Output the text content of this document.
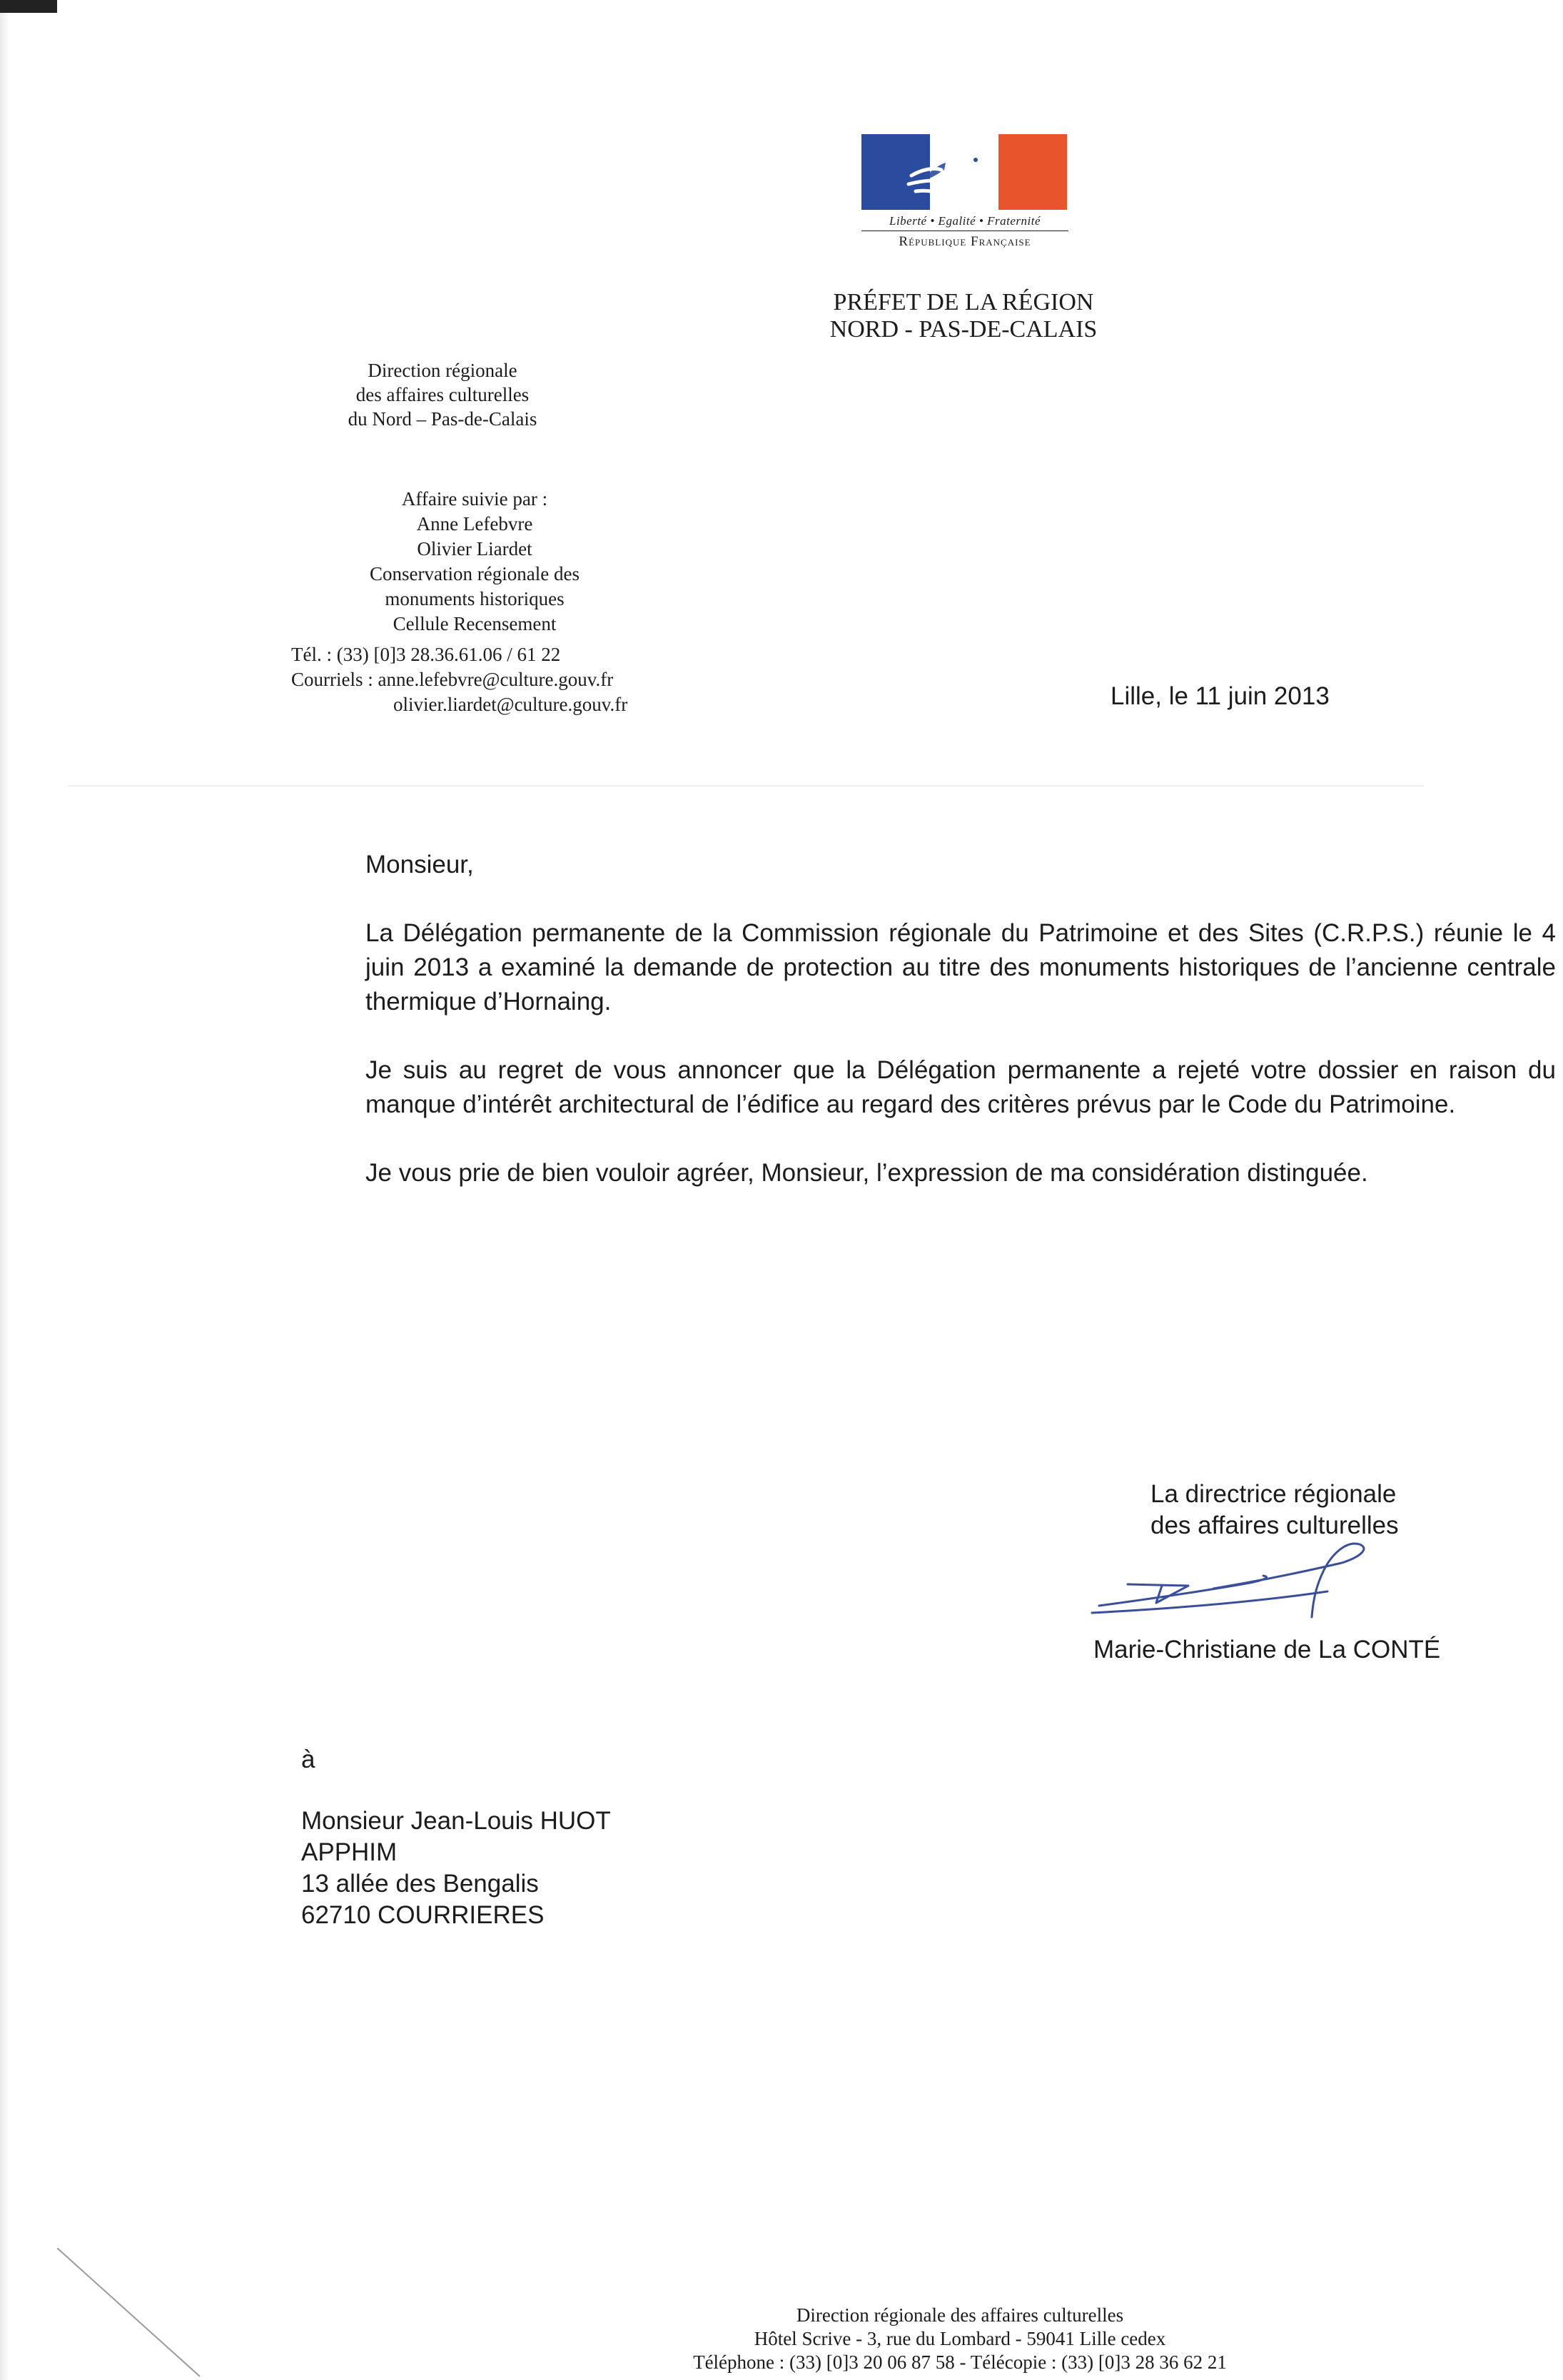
Liberté • Egalité • Fraternité
République Française
PRÉFET DE LA RÉGION
NORD - PAS-DE-CALAIS
Direction régionale
des affaires culturelles
du Nord – Pas-de-Calais
Affaire suivie par :
Anne Lefebvre
Olivier Liardet
Conservation régionale des
monuments historiques
Cellule Recensement
Tél. : (33) [0]3 28.36.61.06 / 61 22
Courriels : anne.lefebvre@culture.gouv.fr
olivier.liardet@culture.gouv.fr	Lille, le 11 juin 2013

Monsieur,

La Délégation permanente de la Commission régionale du Patrimoine et des Sites (C.R.P.S.) réunie le 4 juin 2013 a examiné la demande de protection au titre des monuments historiques de l’ancienne centrale thermique d’Hornaing.

Je suis au regret de vous annoncer que la Délégation permanente a rejeté votre dossier en raison du manque d’intérêt architectural de l’édifice au regard des critères prévus par le Code du Patrimoine.

Je vous prie de bien vouloir agréer, Monsieur, l’expression de ma considération distinguée.

La directrice régionale
des affaires culturelles
Marie-Christiane de La CONTÉ
à
Monsieur Jean-Louis HUOT
APPHIM
13 allée des Bengalis
62710 COURRIERES
Direction régionale des affaires culturelles
Hôtel Scrive - 3, rue du Lombard - 59041 Lille cedex
Téléphone : (33) [0]3 20 06 87 58 - Télécopie : (33) [0]3 28 36 62 21
